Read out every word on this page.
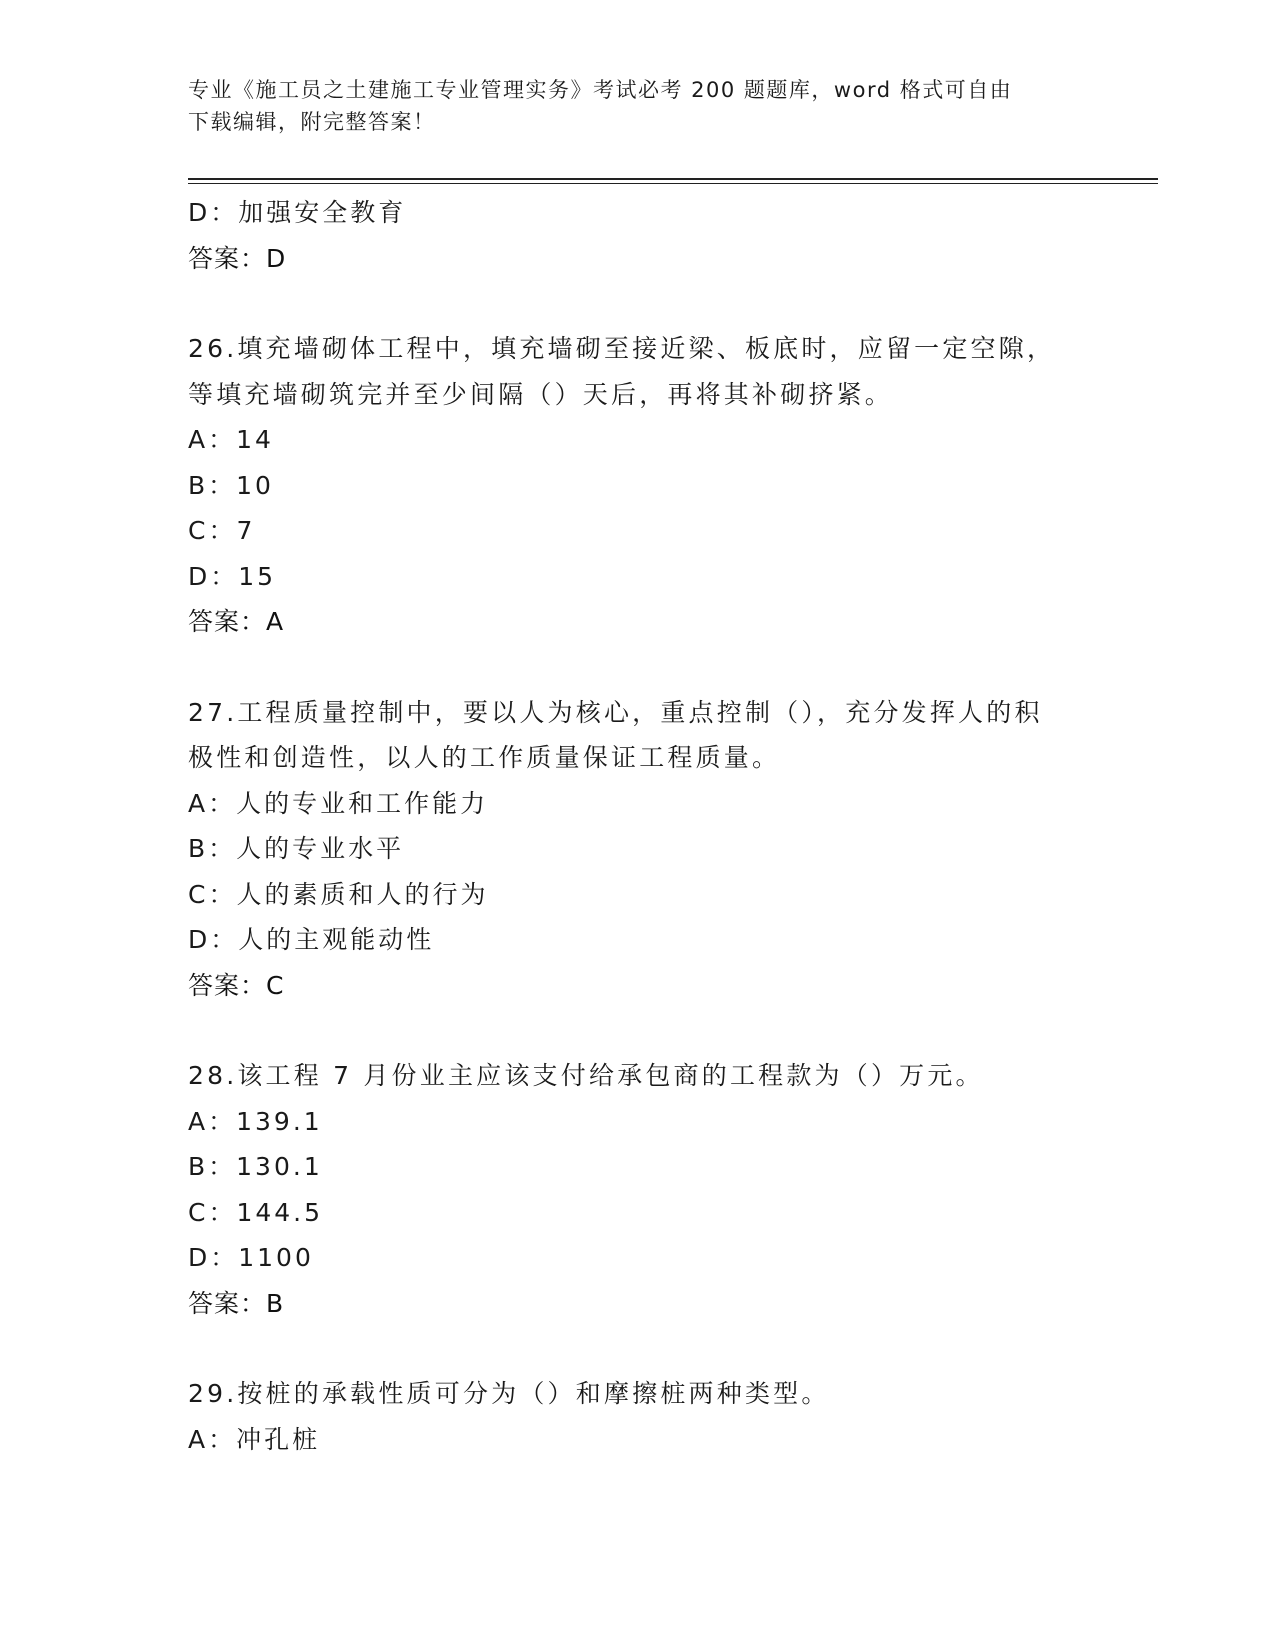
专业《施工员之土建施工专业管理实务》考试必考 200 题题库，word 格式可自由
下载编辑，附完整答案！
D：加强安全教育
答案：D
26.填充墙砌体工程中，填充墙砌至接近梁、板底时，应留一定空隙，
等填充墙砌筑完并至少间隔（）天后，再将其补砌挤紧。
A：14
B：10
C：7
D：15
答案：A
27.工程质量控制中，要以人为核心，重点控制（），充分发挥人的积
极性和创造性，以人的工作质量保证工程质量。
A：人的专业和工作能力
B：人的专业水平
C：人的素质和人的行为
D：人的主观能动性
答案：C
28.该工程 7 月份业主应该支付给承包商的工程款为（）万元。
A：139.1
B：130.1
C：144.5
D：1100
答案：B
29.按桩的承载性质可分为（）和摩擦桩两种类型。
A：冲孔桩
